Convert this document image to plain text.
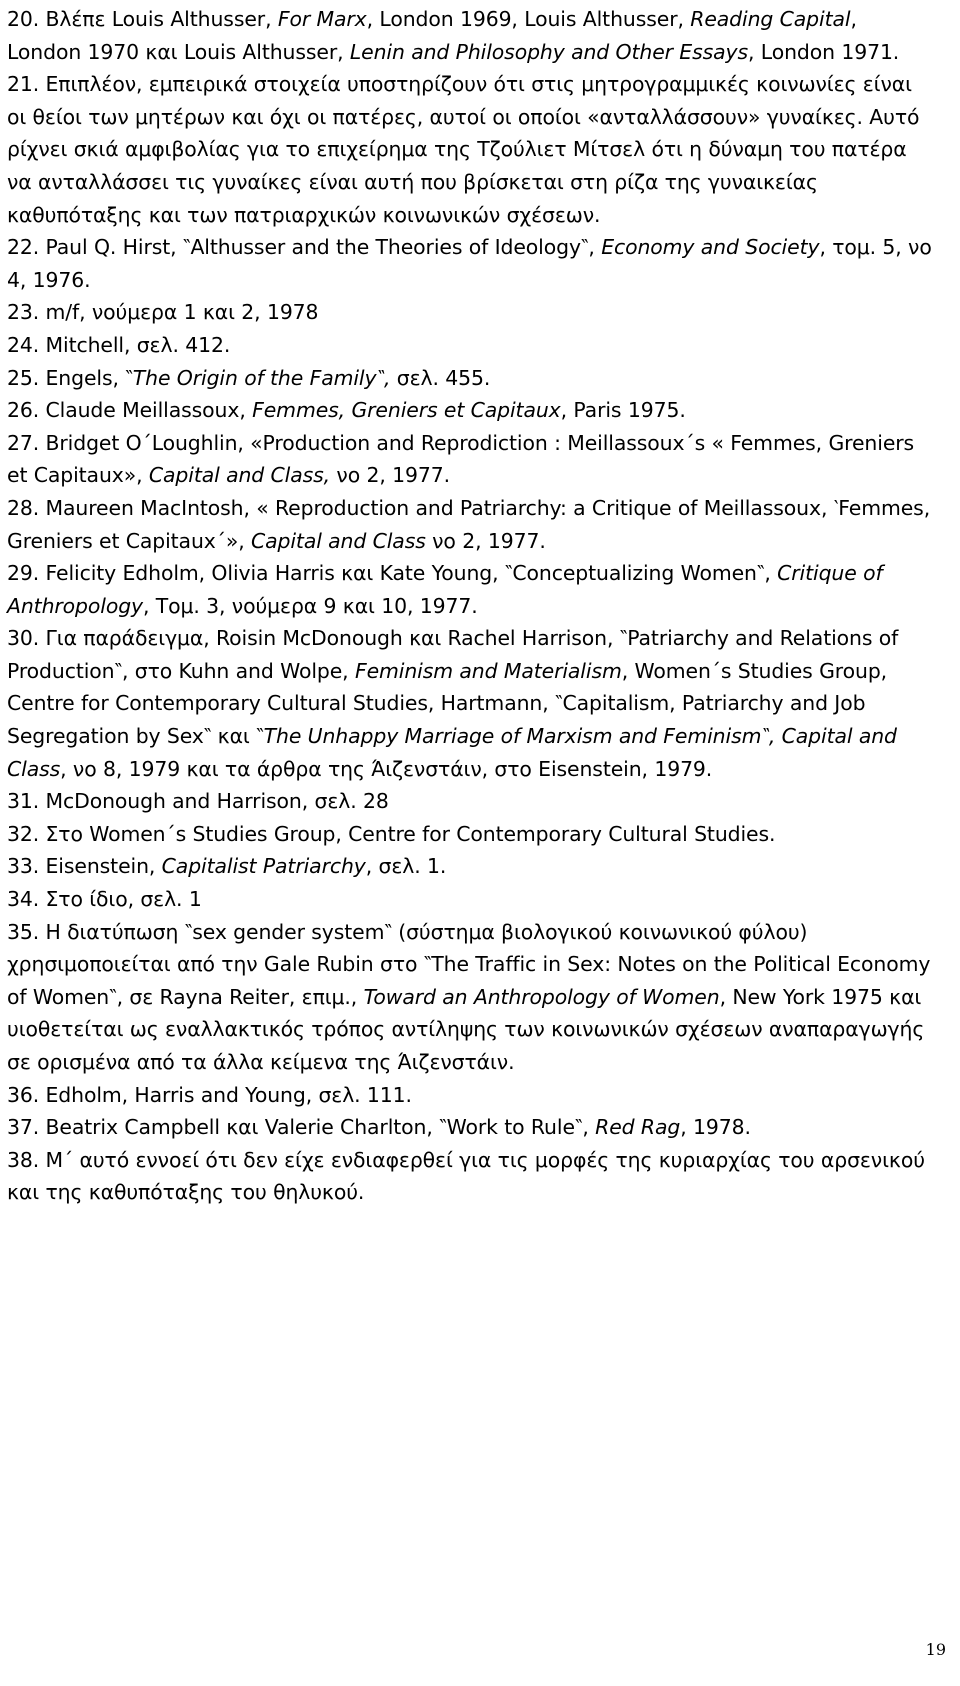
20. Βλέπε Louis Althusser, For Marx, London 1969, Louis Althusser, Reading Capital, London 1970 και Louis Althusser, Lenin and Philosophy and Other Essays, London 1971.

21. Επιπλέον, εμπειρικά στοιχεία υποστηρίζουν ότι στις μητρογραμμικές κοινωνίες είναι οι θείοι των μητέρων και όχι οι πατέρες, αυτοί οι οποίοι «ανταλλάσσουν» γυναίκες. Αυτό ρίχνει σκιά αμφιβολίας για το επιχείρημα της Τζούλιετ Μίτσελ ότι η δύναμη του πατέρα να ανταλλάσσει τις γυναίκες είναι αυτή που βρίσκεται στη ρίζα της γυναικείας καθυπόταξης και των πατριαρχικών κοινωνικών σχέσεων.

22. Paul Q. Hirst, ‶Althusser and the Theories of Ideology‶, Economy and Society, τομ. 5, νο 4, 1976.

23. m/f, νούμερα 1 και 2, 1978

24. Mitchell, σελ. 412.

25. Engels, ‶The Origin of the Family‶, σελ. 455.

26. Claude Meillassoux, Femmes, Greniers et Capitaux, Paris 1975.

27. Bridget O΄Loughlin, «Production and Reprodiction : Meillassoux΄s « Femmes, Greniers et Capitaux», Capital and Class, νο 2, 1977.

28. Maureen MacIntosh, « Reproduction and Patriarchy: a Critique of Meillassoux, ‵Femmes, Greniers et Capitaux΄», Capital and Class νο 2, 1977.

29. Felicity Edholm, Olivia Harris και Kate Young, ‶Conceptualizing Women‶, Critique of Anthropology, Τομ. 3, νούμερα 9 και 10, 1977.

30. Για παράδειγμα, Roisin McDonough και Rachel Harrison, ‶Patriarchy and Relations of Production‶, στο Kuhn and Wolpe, Feminism and Materialism, Women΄s Studies Group, Centre for Contemporary Cultural Studies, Hartmann, ‶Capitalism, Patriarchy and Job Segregation by Sex‶ και ‶The Unhappy Marriage of Marxism and Feminism‶, Capital and Class, νο 8, 1979 και τα άρθρα της Άιζενστάιν, στο Eisenstein, 1979.

31. McDonough and Harrison, σελ. 28

32. Στο Women΄s Studies Group, Centre for Contemporary Cultural Studies.

33. Eisenstein, Capitalist Patriarchy, σελ. 1.

34. Στο ίδιο, σελ. 1

35. Η διατύπωση ‶sex gender system‶ (σύστημα βιολογικού κοινωνικού φύλου) χρησιμοποιείται από την Gale Rubin στο ‶The Traffic in Sex: Notes on the Political Economy of Women‶, σε Rayna Reiter, επιμ., Toward an Anthropology of Women, New York 1975 και υιοθετείται ως εναλλακτικός τρόπος αντίληψης των κοινωνικών σχέσεων αναπαραγωγής σε ορισμένα από τα άλλα κείμενα της Άιζενστάιν.

36. Edholm, Harris and Young, σελ. 111.

37. Beatrix Campbell και Valerie Charlton, ‶Work to Rule‶, Red Rag, 1978.

38. Μ΄ αυτό εννοεί ότι δεν είχε ενδιαφερθεί για τις μορφές της κυριαρχίας του αρσενικού και της καθυπόταξης του θηλυκού.

19
